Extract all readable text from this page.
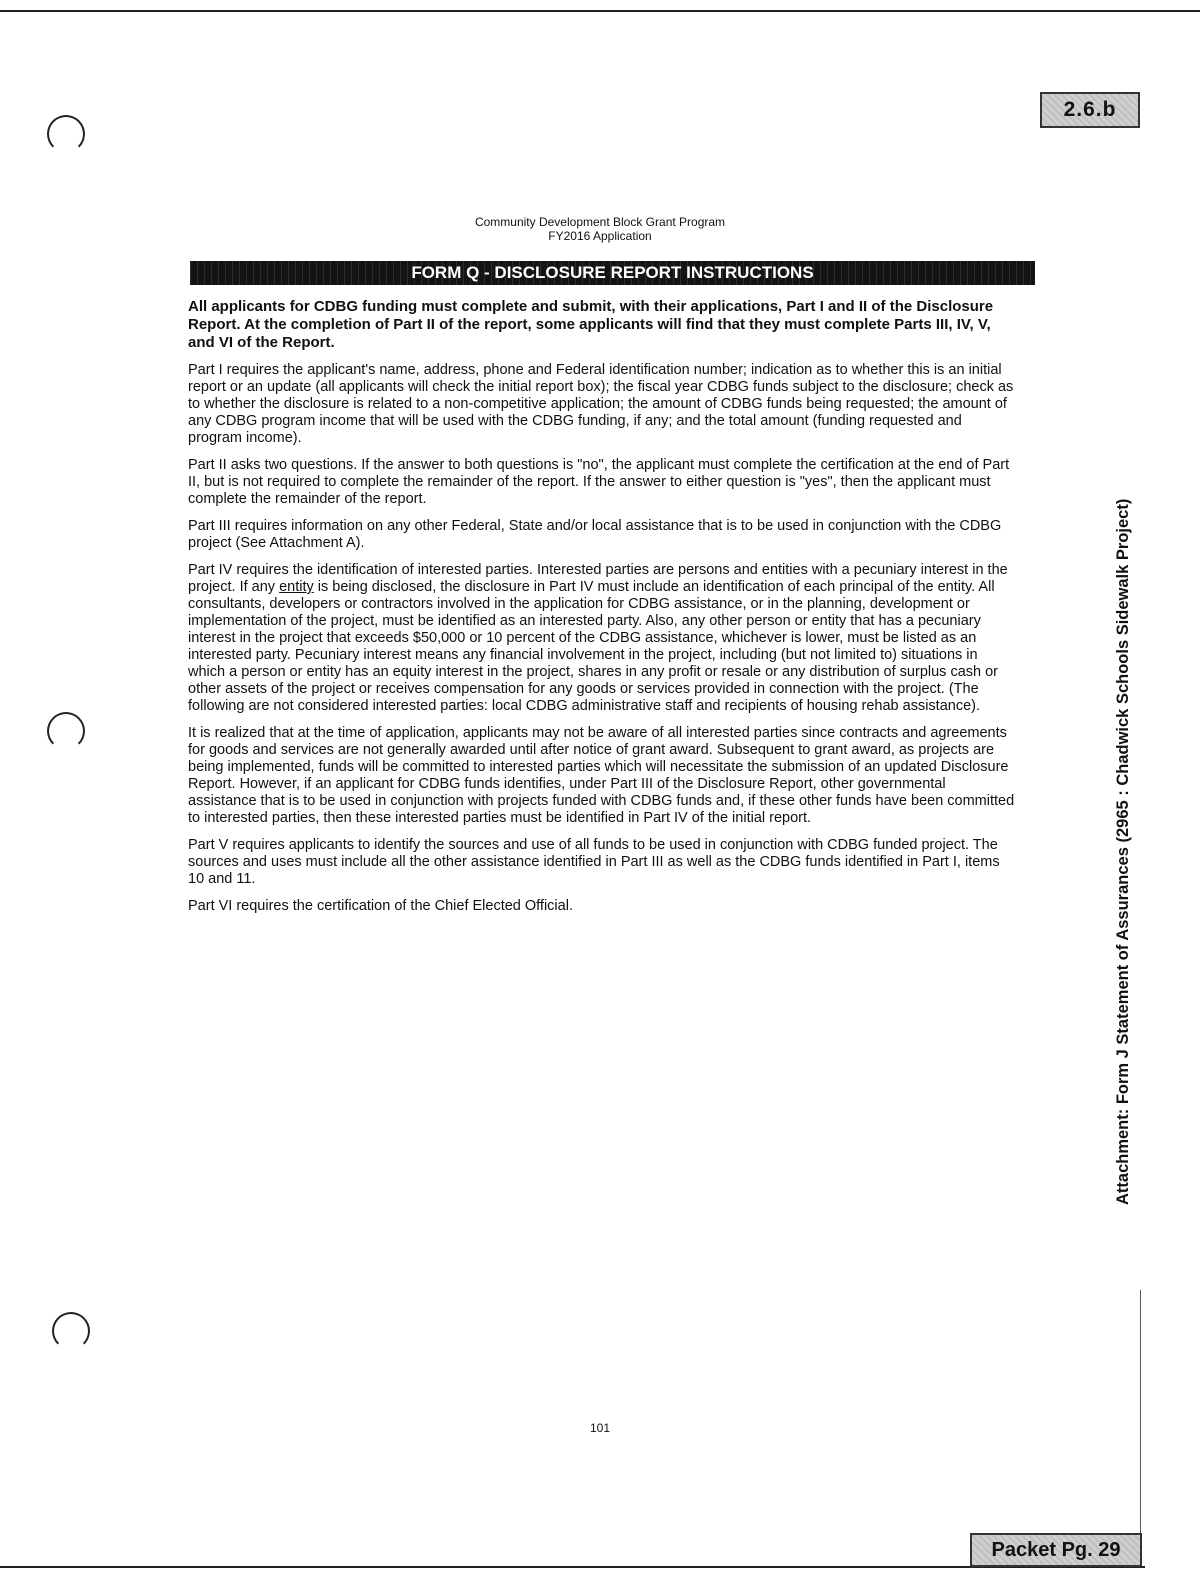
2.6.b
Community Development Block Grant Program
FY2016 Application
FORM Q - DISCLOSURE REPORT INSTRUCTIONS

All applicants for CDBG funding must complete and submit, with their applications, Part I and II of the Disclosure Report. At the completion of Part II of the report, some applicants will find that they must complete Parts III, IV, V, and VI of the Report.

Part I requires the applicant's name, address, phone and Federal identification number; indication as to whether this is an initial report or an update (all applicants will check the initial report box); the fiscal year CDBG funds subject to the disclosure; check as to whether the disclosure is related to a non-competitive application; the amount of CDBG funds being requested; the amount of any CDBG program income that will be used with the CDBG funding, if any; and the total amount (funding requested and program income).

Part II asks two questions. If the answer to both questions is "no", the applicant must complete the certification at the end of Part II, but is not required to complete the remainder of the report. If the answer to either question is "yes", then the applicant must complete the remainder of the report.

Part III requires information on any other Federal, State and/or local assistance that is to be used in conjunction with the CDBG project (See Attachment A).

Part IV requires the identification of interested parties. Interested parties are persons and entities with a pecuniary interest in the project. If any entity is being disclosed, the disclosure in Part IV must include an identification of each principal of the entity. All consultants, developers or contractors involved in the application for CDBG assistance, or in the planning, development or implementation of the project, must be identified as an interested party. Also, any other person or entity that has a pecuniary interest in the project that exceeds $50,000 or 10 percent of the CDBG assistance, whichever is lower, must be listed as an interested party. Pecuniary interest means any financial involvement in the project, including (but not limited to) situations in which a person or entity has an equity interest in the project, shares in any profit or resale or any distribution of surplus cash or other assets of the project or receives compensation for any goods or services provided in connection with the project. (The following are not considered interested parties: local CDBG administrative staff and recipients of housing rehab assistance).

It is realized that at the time of application, applicants may not be aware of all interested parties since contracts and agreements for goods and services are not generally awarded until after notice of grant award. Subsequent to grant award, as projects are being implemented, funds will be committed to interested parties which will necessitate the submission of an updated Disclosure Report. However, if an applicant for CDBG funds identifies, under Part III of the Disclosure Report, other governmental assistance that is to be used in conjunction with projects funded with CDBG funds and, if these other funds have been committed to interested parties, then these interested parties must be identified in Part IV of the initial report.

Part V requires applicants to identify the sources and use of all funds to be used in conjunction with CDBG funded project. The sources and uses must include all the other assistance identified in Part III as well as the CDBG funds identified in Part I, items 10 and 11.

Part VI requires the certification of the Chief Elected Official.

101
Attachment: Form J Statement of Assurances (2965 : Chadwick Schools Sidewalk Project)
Packet Pg. 29
